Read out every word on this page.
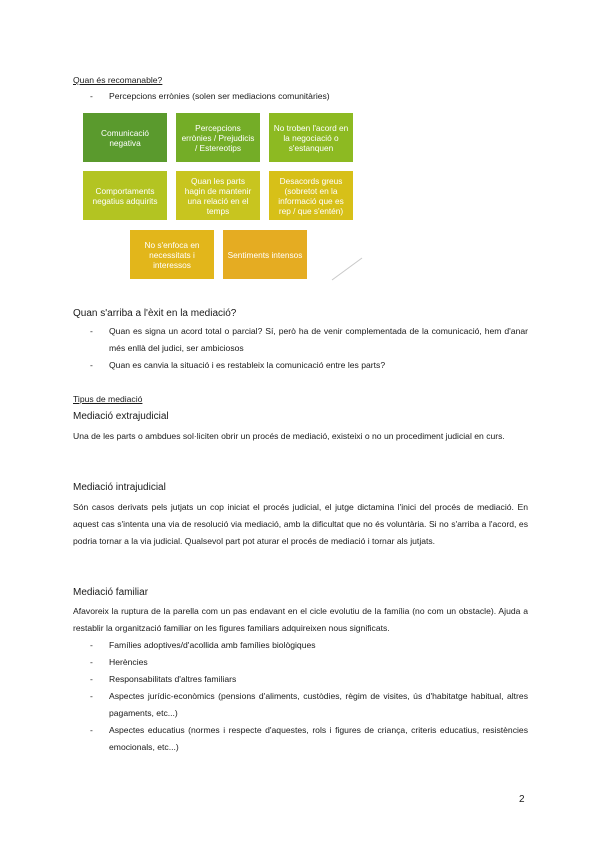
Quan és recomanable?
- Percepcions errònies (solen ser mediacions comunitàries)
Comunicació negativa
Percepcions errònies / Prejudicis / Estereotips
No troben l'acord en la negociació o s'estanquen
Comportaments negatius adquirits
Quan les parts hagin de mantenir una relació en el temps
Desacords greus (sobretot en la informació que es rep / que s'entén)
No s'enfoca en necessitats i interessos
Sentiments intensos
Quan s'arriba a l'èxit en la mediació?
- Quan es signa un acord total o parcial? Sí, però ha de venir complementada de la comunicació, hem d'anar més enllà del judici, ser ambiciosos
- Quan es canvia la situació i es restableix la comunicació entre les parts?
Tipus de mediació
Mediació extrajudicial
Una de les parts o ambdues sol·liciten obrir un procés de mediació, existeixi o no un procediment judicial en curs.
Mediació intrajudicial
Són casos derivats pels jutjats un cop iniciat el procés judicial, el jutge dictamina l'inici del procés de mediació. En aquest cas s'intenta una via de resolució via mediació, amb la dificultat que no és voluntària. Si no s'arriba a l'acord, es podria tornar a la via judicial. Qualsevol part pot aturar el procés de mediació i tornar als jutjats.
Mediació familiar
Afavoreix la ruptura de la parella com un pas endavant en el cicle evolutiu de la família (no com un obstacle). Ajuda a restablir la organització familiar on les figures familiars adquireixen nous significats.
- Famílies adoptives/d'acollida amb famílies biològiques
- Herències
- Responsabilitats d'altres familiars
- Aspectes jurídic-econòmics (pensions d'aliments, custòdies, règim de visites, ús d'habitatge habitual, altres pagaments, etc...)
- Aspectes educatius (normes i respecte d'aquestes, rols i figures de criança, criteris educatius, resistències emocionals, etc...)
2
